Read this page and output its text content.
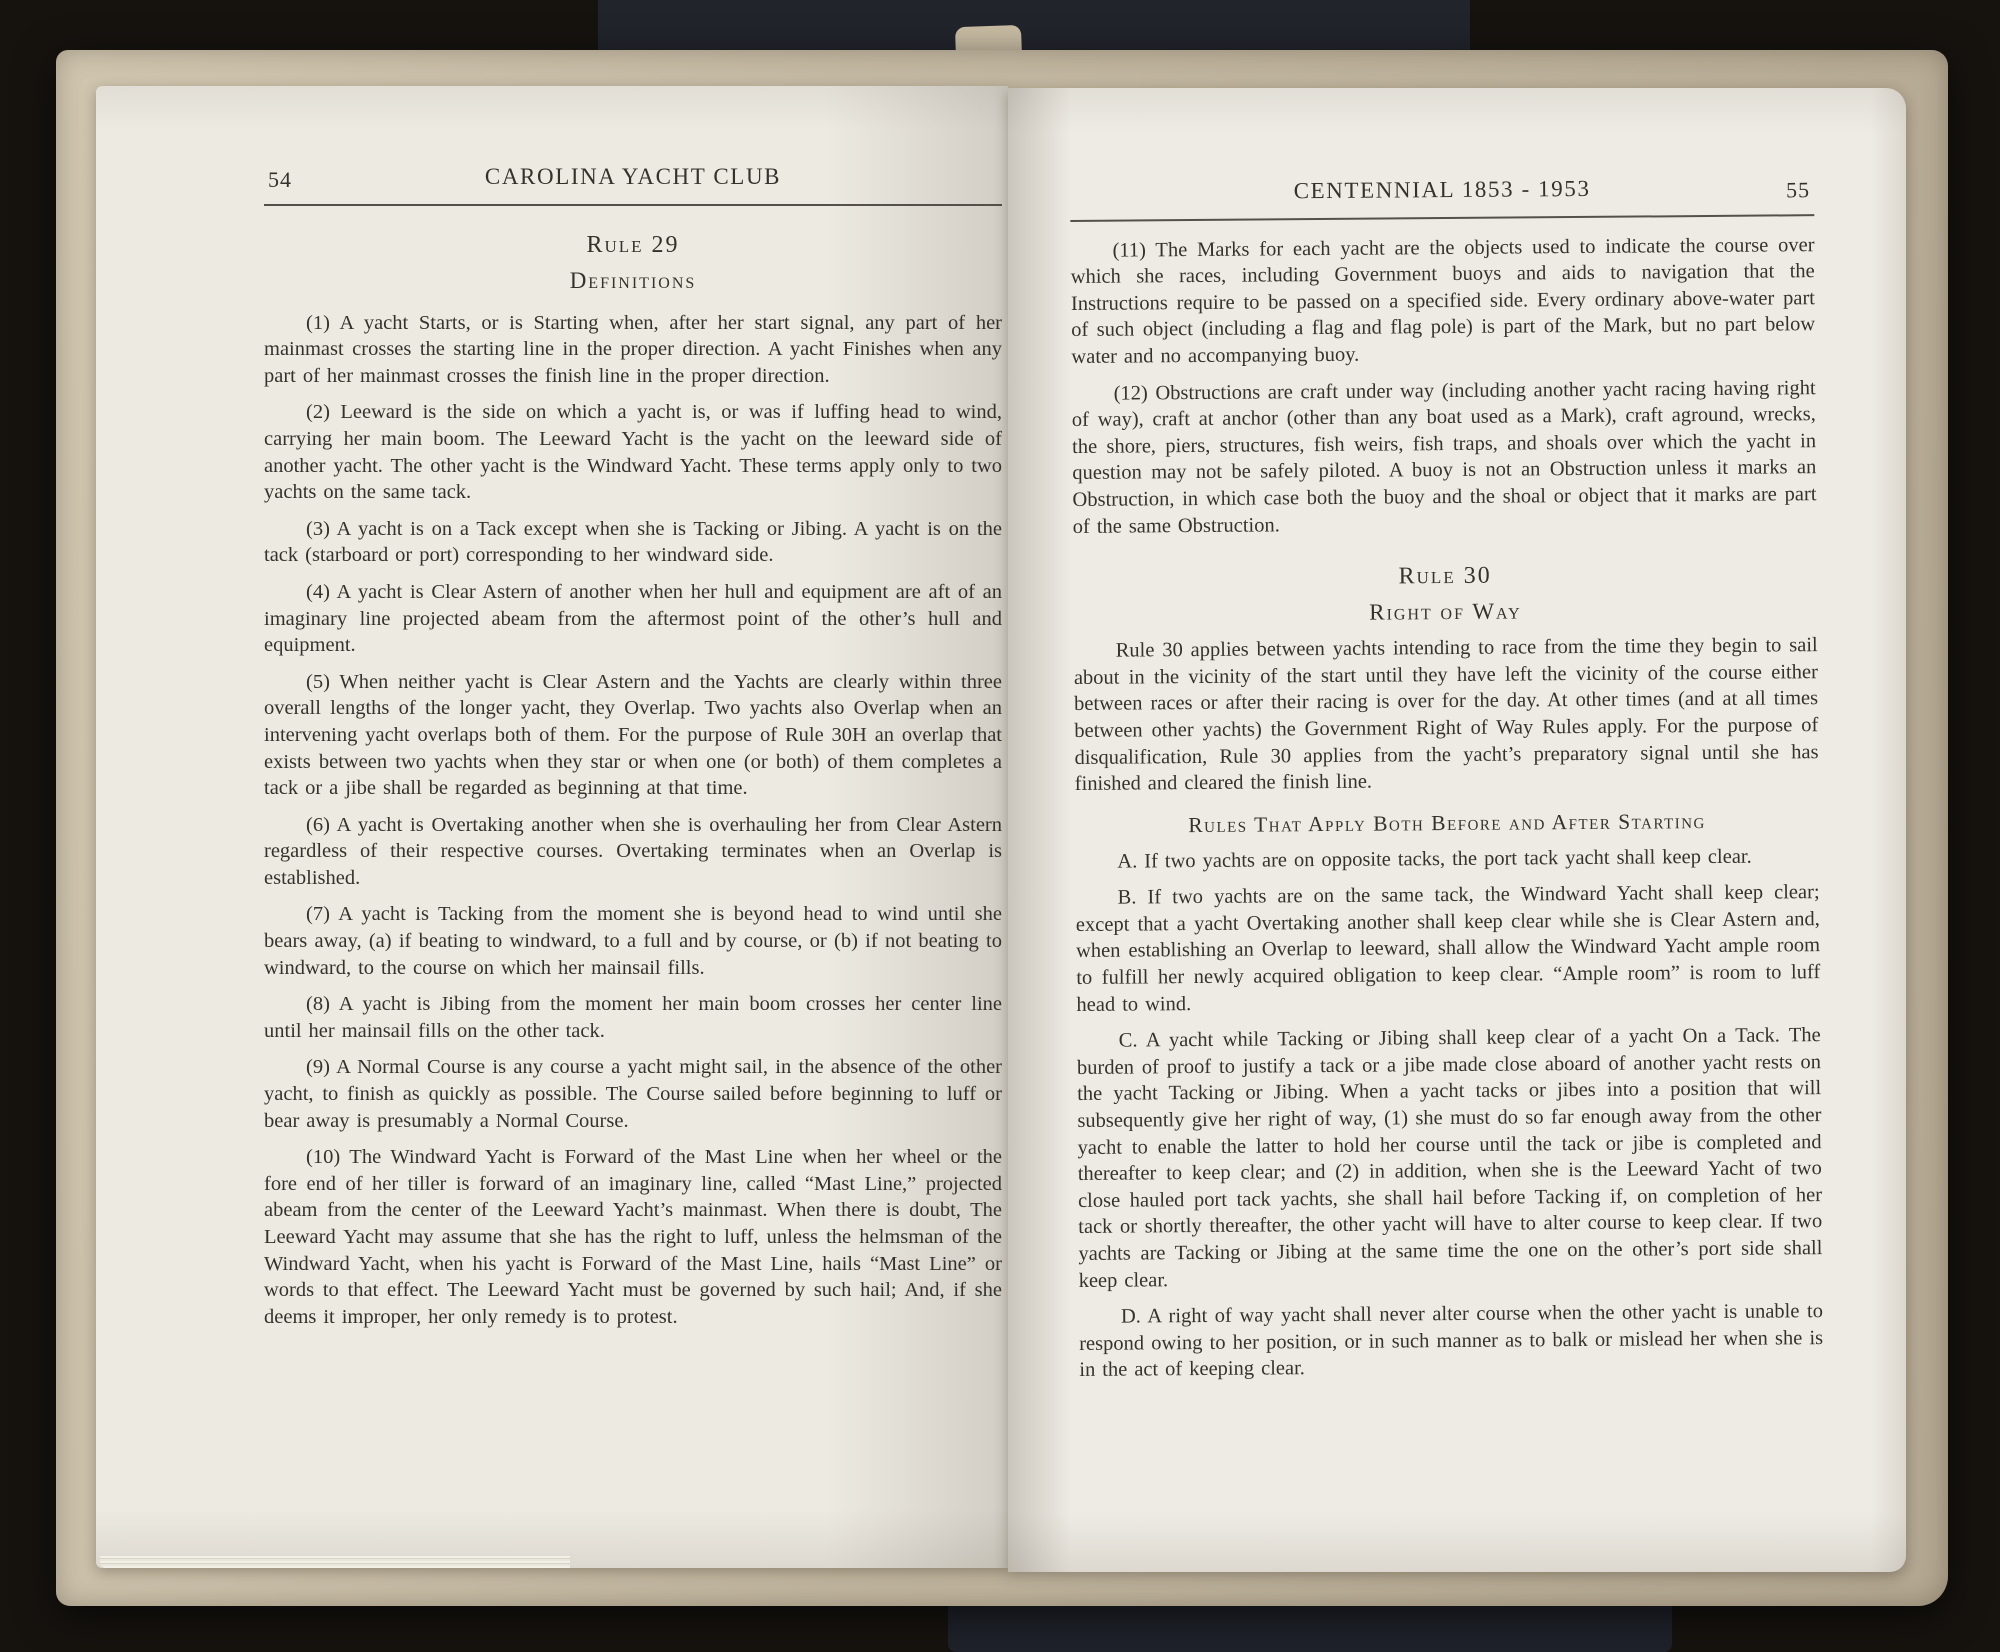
54	CAROLINA YACHT CLUB
Rule 29
Definitions

(1) A yacht Starts, or is Starting when, after her start signal, any part of her mainmast crosses the starting line in the proper direction. A yacht Finishes when any part of her mainmast crosses the finish line in the proper direction.

(2) Leeward is the side on which a yacht is, or was if luffing head to wind, carrying her main boom. The Leeward Yacht is the yacht on the leeward side of another yacht. The other yacht is the Windward Yacht. These terms apply only to two yachts on the same tack.

(3) A yacht is on a Tack except when she is Tacking or Jibing. A yacht is on the tack (starboard or port) corresponding to her windward side.

(4) A yacht is Clear Astern of another when her hull and equipment are aft of an imaginary line projected abeam from the aftermost point of the other’s hull and equipment.

(5) When neither yacht is Clear Astern and the Yachts are clearly within three overall lengths of the longer yacht, they Overlap. Two yachts also Overlap when an intervening yacht overlaps both of them. For the purpose of Rule 30H an overlap that exists between two yachts when they star or when one (or both) of them completes a tack or a jibe shall be regarded as beginning at that time.

(6) A yacht is Overtaking another when she is overhauling her from Clear Astern regardless of their respective courses. Overtaking terminates when an Overlap is established.

(7) A yacht is Tacking from the moment she is beyond head to wind until she bears away, (a) if beating to windward, to a full and by course, or (b) if not beating to windward, to the course on which her mainsail fills.

(8) A yacht is Jibing from the moment her main boom crosses her center line until her mainsail fills on the other tack.

(9) A Normal Course is any course a yacht might sail, in the absence of the other yacht, to finish as quickly as possible. The Course sailed before beginning to luff or bear away is presumably a Normal Course.

(10) The Windward Yacht is Forward of the Mast Line when her wheel or the fore end of her tiller is forward of an imaginary line, called “Mast Line,” projected abeam from the center of the Leeward Yacht’s mainmast. When there is doubt, The Leeward Yacht may assume that she has the right to luff, unless the helmsman of the Windward Yacht, when his yacht is Forward of the Mast Line, hails “Mast Line” or words to that effect. The Leeward Yacht must be governed by such hail; And, if she deems it improper, her only remedy is to protest.

CENTENNIAL 1853 - 1953	55

(11) The Marks for each yacht are the objects used to indicate the course over which she races, including Government buoys and aids to navigation that the Instructions require to be passed on a specified side. Every ordinary above-water part of such object (including a flag and flag pole) is part of the Mark, but no part below water and no accompanying buoy.

(12) Obstructions are craft under way (including another yacht racing having right of way), craft at anchor (other than any boat used as a Mark), craft aground, wrecks, the shore, piers, structures, fish weirs, fish traps, and shoals over which the yacht in question may not be safely piloted. A buoy is not an Obstruction unless it marks an Obstruction, in which case both the buoy and the shoal or object that it marks are part of the same Obstruction.

Rule 30
Right of Way

Rule 30 applies between yachts intending to race from the time they begin to sail about in the vicinity of the start until they have left the vicinity of the course either between races or after their racing is over for the day. At other times (and at all times between other yachts) the Government Right of Way Rules apply. For the purpose of disqualification, Rule 30 applies from the yacht’s preparatory signal until she has finished and cleared the finish line.

Rules That Apply Both Before and After Starting

A. If two yachts are on opposite tacks, the port tack yacht shall keep clear.

B. If two yachts are on the same tack, the Windward Yacht shall keep clear; except that a yacht Overtaking another shall keep clear while she is Clear Astern and, when establishing an Overlap to leeward, shall allow the Windward Yacht ample room to fulfill her newly acquired obligation to keep clear. “Ample room” is room to luff head to wind.

C. A yacht while Tacking or Jibing shall keep clear of a yacht On a Tack. The burden of proof to justify a tack or a jibe made close aboard of another yacht rests on the yacht Tacking or Jibing. When a yacht tacks or jibes into a position that will subsequently give her right of way, (1) she must do so far enough away from the other yacht to enable the latter to hold her course until the tack or jibe is completed and thereafter to keep clear; and (2) in addition, when she is the Leeward Yacht of two close hauled port tack yachts, she shall hail before Tacking if, on completion of her tack or shortly thereafter, the other yacht will have to alter course to keep clear. If two yachts are Tacking or Jibing at the same time the one on the other’s port side shall keep clear.

D. A right of way yacht shall never alter course when the other yacht is unable to respond owing to her position, or in such manner as to balk or mislead her when she is in the act of keeping clear.
